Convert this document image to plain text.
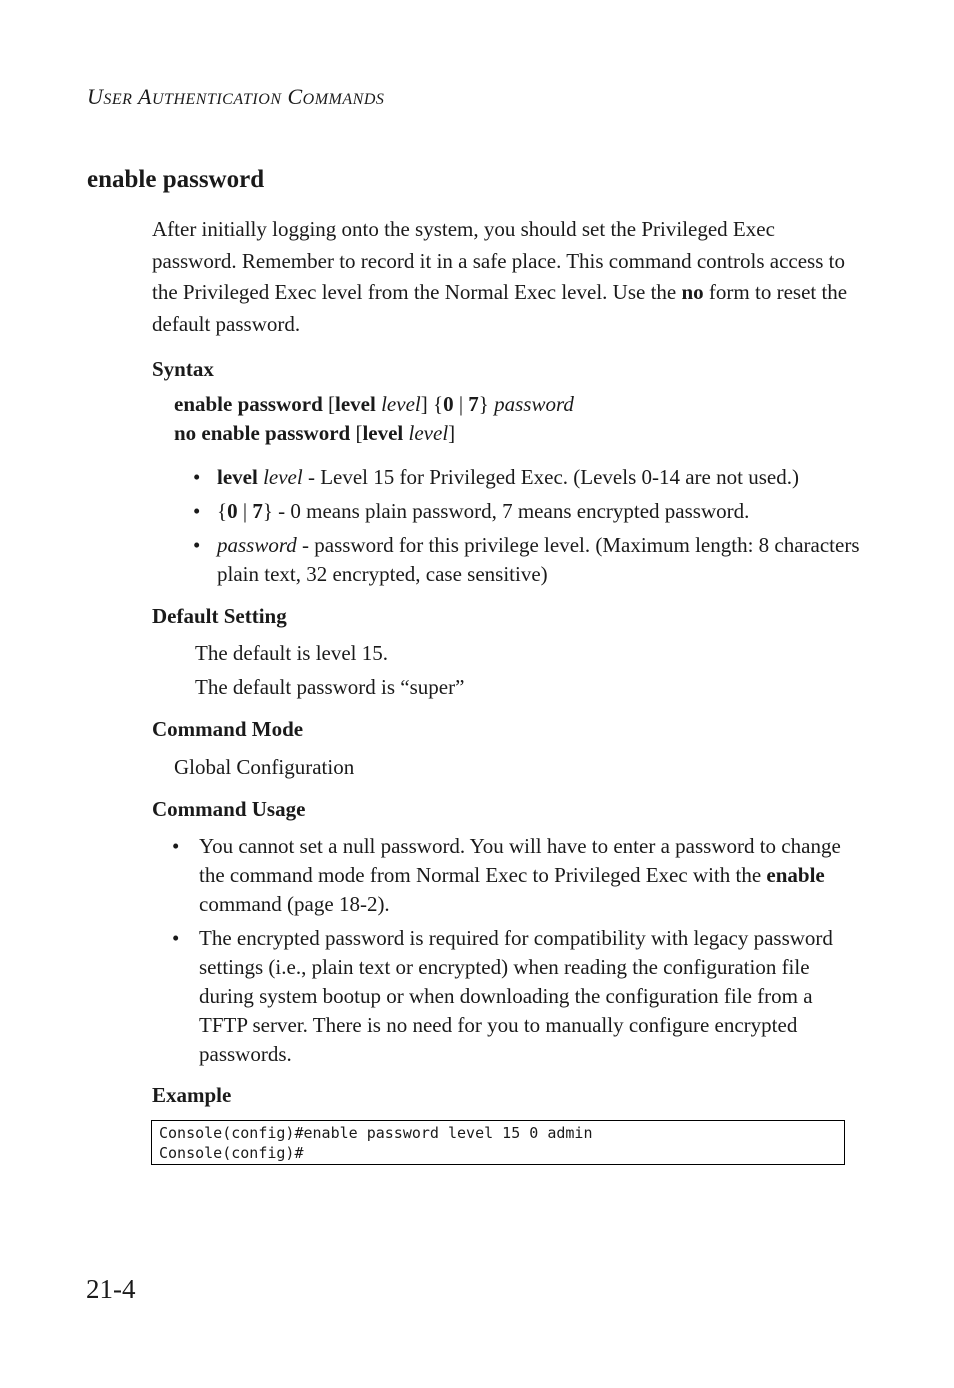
USER AUTHENTICATION COMMANDS
enable password
After initially logging onto the system, you should set the Privileged Exec password. Remember to record it in a safe place. This command controls access to the Privileged Exec level from the Normal Exec level. Use the no form to reset the default password.
Syntax
enable password [level level] {0 | 7} password
no enable password [level level]
• level level - Level 15 for Privileged Exec. (Levels 0-14 are not used.)
• {0 | 7} - 0 means plain password, 7 means encrypted password.
• password - password for this privilege level. (Maximum length: 8 characters plain text, 32 encrypted, case sensitive)
Default Setting
The default is level 15.
The default password is “super”
Command Mode
Global Configuration
Command Usage
• You cannot set a null password. You will have to enter a password to change the command mode from Normal Exec to Privileged Exec with the enable command (page 18-2).
• The encrypted password is required for compatibility with legacy password settings (i.e., plain text or encrypted) when reading the configuration file during system bootup or when downloading the configuration file from a TFTP server. There is no need for you to manually configure encrypted passwords.
Example
Console(config)#enable password level 15 0 admin
Console(config)#
21-4
